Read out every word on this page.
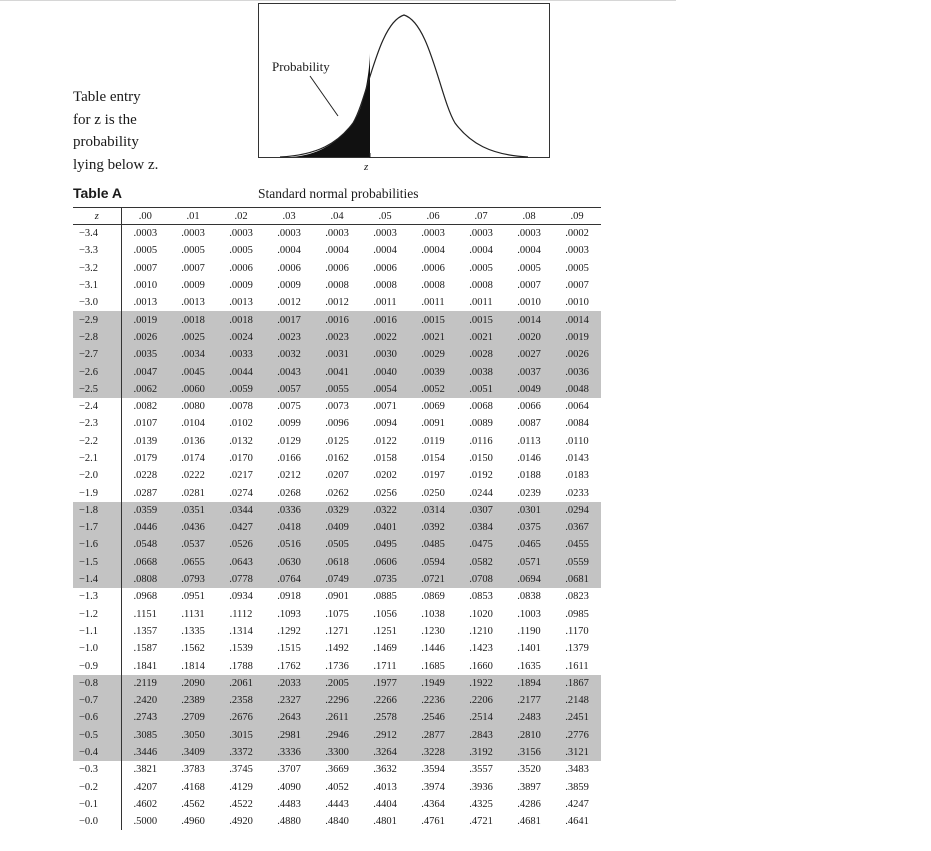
Table entry
for z is the
probability
lying below z.
Probability
z
Table A	Standard normal probabilities
z	.00	.01	.02	.03	.04	.05	.06	.07	.08	.09
−3.4	.0003	.0003	.0003	.0003	.0003	.0003	.0003	.0003	.0003	.0002
−3.3	.0005	.0005	.0005	.0004	.0004	.0004	.0004	.0004	.0004	.0003
−3.2	.0007	.0007	.0006	.0006	.0006	.0006	.0006	.0005	.0005	.0005
−3.1	.0010	.0009	.0009	.0009	.0008	.0008	.0008	.0008	.0007	.0007
−3.0	.0013	.0013	.0013	.0012	.0012	.0011	.0011	.0011	.0010	.0010
−2.9	.0019	.0018	.0018	.0017	.0016	.0016	.0015	.0015	.0014	.0014
−2.8	.0026	.0025	.0024	.0023	.0023	.0022	.0021	.0021	.0020	.0019
−2.7	.0035	.0034	.0033	.0032	.0031	.0030	.0029	.0028	.0027	.0026
−2.6	.0047	.0045	.0044	.0043	.0041	.0040	.0039	.0038	.0037	.0036
−2.5	.0062	.0060	.0059	.0057	.0055	.0054	.0052	.0051	.0049	.0048
−2.4	.0082	.0080	.0078	.0075	.0073	.0071	.0069	.0068	.0066	.0064
−2.3	.0107	.0104	.0102	.0099	.0096	.0094	.0091	.0089	.0087	.0084
−2.2	.0139	.0136	.0132	.0129	.0125	.0122	.0119	.0116	.0113	.0110
−2.1	.0179	.0174	.0170	.0166	.0162	.0158	.0154	.0150	.0146	.0143
−2.0	.0228	.0222	.0217	.0212	.0207	.0202	.0197	.0192	.0188	.0183
−1.9	.0287	.0281	.0274	.0268	.0262	.0256	.0250	.0244	.0239	.0233
−1.8	.0359	.0351	.0344	.0336	.0329	.0322	.0314	.0307	.0301	.0294
−1.7	.0446	.0436	.0427	.0418	.0409	.0401	.0392	.0384	.0375	.0367
−1.6	.0548	.0537	.0526	.0516	.0505	.0495	.0485	.0475	.0465	.0455
−1.5	.0668	.0655	.0643	.0630	.0618	.0606	.0594	.0582	.0571	.0559
−1.4	.0808	.0793	.0778	.0764	.0749	.0735	.0721	.0708	.0694	.0681
−1.3	.0968	.0951	.0934	.0918	.0901	.0885	.0869	.0853	.0838	.0823
−1.2	.1151	.1131	.1112	.1093	.1075	.1056	.1038	.1020	.1003	.0985
−1.1	.1357	.1335	.1314	.1292	.1271	.1251	.1230	.1210	.1190	.1170
−1.0	.1587	.1562	.1539	.1515	.1492	.1469	.1446	.1423	.1401	.1379
−0.9	.1841	.1814	.1788	.1762	.1736	.1711	.1685	.1660	.1635	.1611
−0.8	.2119	.2090	.2061	.2033	.2005	.1977	.1949	.1922	.1894	.1867
−0.7	.2420	.2389	.2358	.2327	.2296	.2266	.2236	.2206	.2177	.2148
−0.6	.2743	.2709	.2676	.2643	.2611	.2578	.2546	.2514	.2483	.2451
−0.5	.3085	.3050	.3015	.2981	.2946	.2912	.2877	.2843	.2810	.2776
−0.4	.3446	.3409	.3372	.3336	.3300	.3264	.3228	.3192	.3156	.3121
−0.3	.3821	.3783	.3745	.3707	.3669	.3632	.3594	.3557	.3520	.3483
−0.2	.4207	.4168	.4129	.4090	.4052	.4013	.3974	.3936	.3897	.3859
−0.1	.4602	.4562	.4522	.4483	.4443	.4404	.4364	.4325	.4286	.4247
−0.0	.5000	.4960	.4920	.4880	.4840	.4801	.4761	.4721	.4681	.4641
